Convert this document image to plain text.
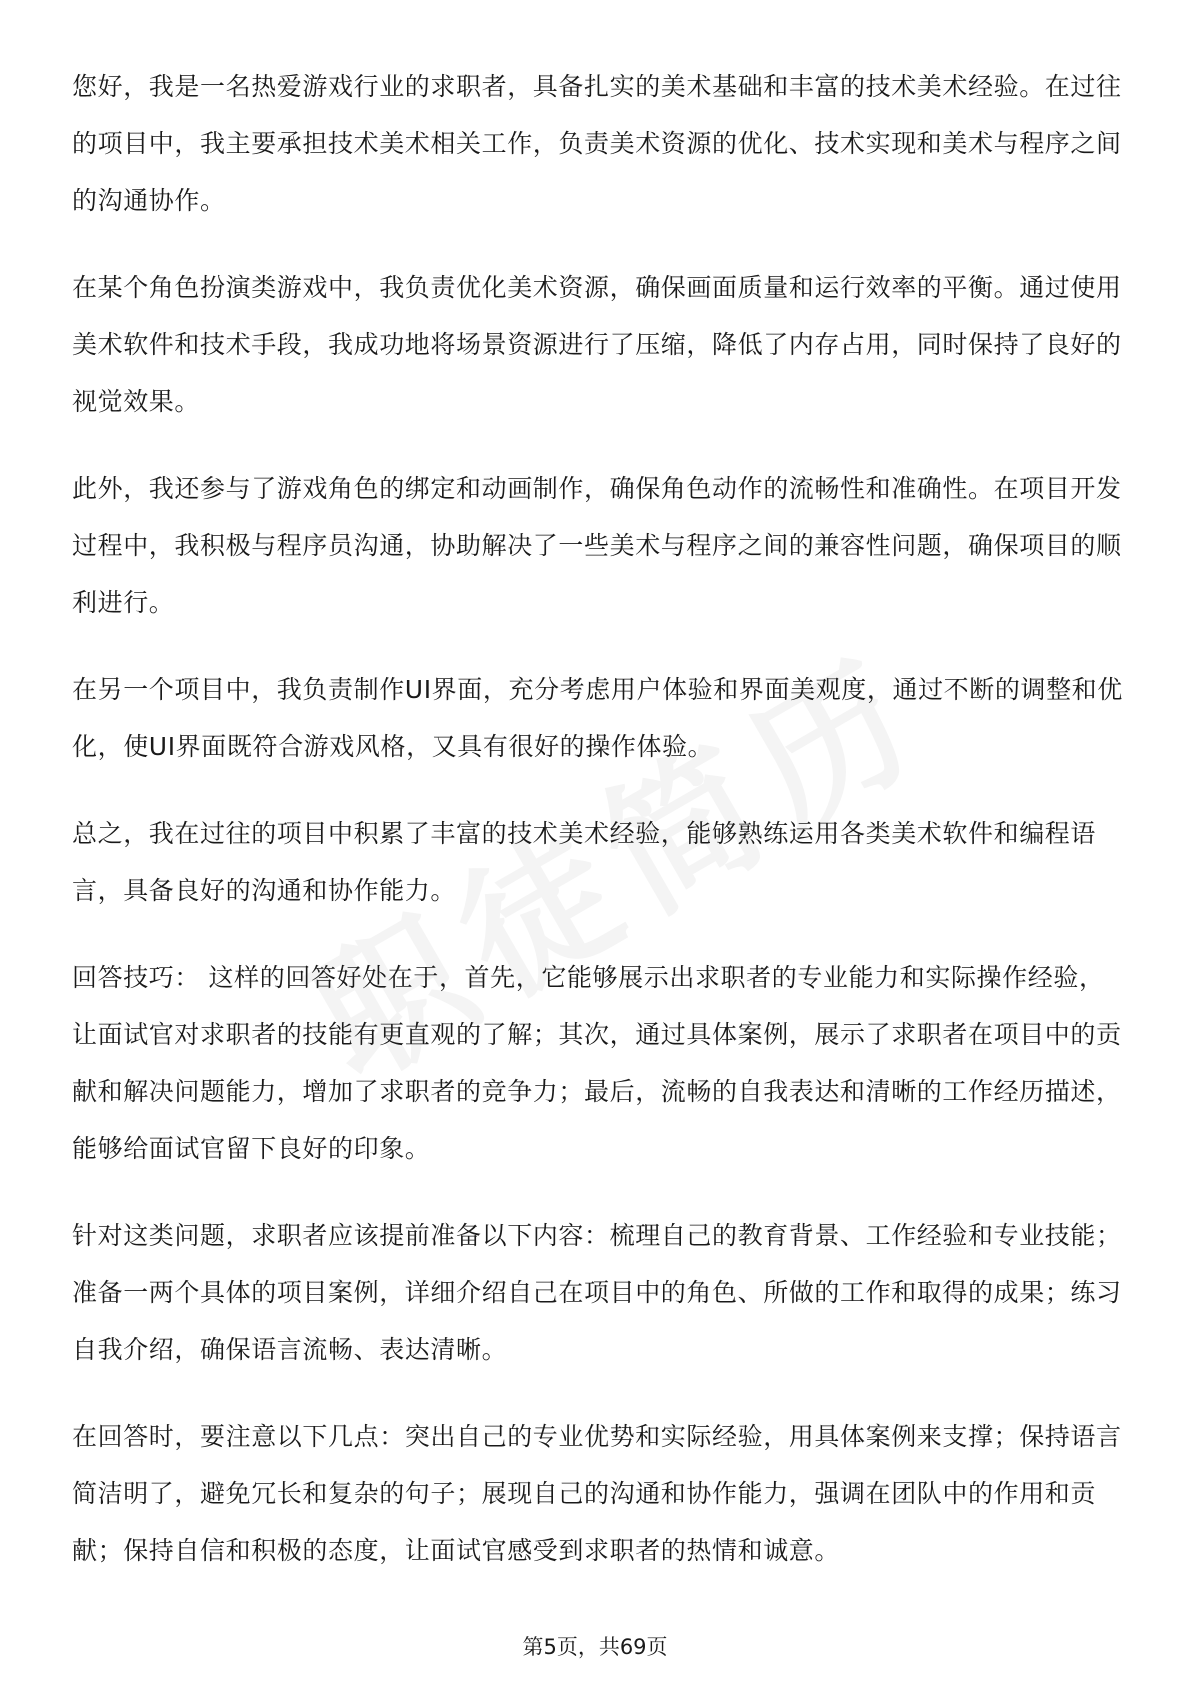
您好，我是一名热爱游戏行业的求职者，具备扎实的美术基础和丰富的技术美术经验。在过往的项目中，我主要承担技术美术相关工作，负责美术资源的优化、技术实现和美术与程序之间的沟通协作。

在某个角色扮演类游戏中，我负责优化美术资源，确保画面质量和运行效率的平衡。通过使用美术软件和技术手段，我成功地将场景资源进行了压缩，降低了内存占用，同时保持了良好的视觉效果。

此外，我还参与了游戏角色的绑定和动画制作，确保角色动作的流畅性和准确性。在项目开发过程中，我积极与程序员沟通，协助解决了一些美术与程序之间的兼容性问题，确保项目的顺利进行。

在另一个项目中，我负责制作UI界面，充分考虑用户体验和界面美观度，通过不断的调整和优化，使UI界面既符合游戏风格，又具有很好的操作体验。

总之，我在过往的项目中积累了丰富的技术美术经验，能够熟练运用各类美术软件和编程语言，具备良好的沟通和协作能力。

回答技巧： 这样的回答好处在于，首先，它能够展示出求职者的专业能力和实际操作经验，让面试官对求职者的技能有更直观的了解；其次，通过具体案例，展示了求职者在项目中的贡献和解决问题能力，增加了求职者的竞争力；最后，流畅的自我表达和清晰的工作经历描述，能够给面试官留下良好的印象。

针对这类问题，求职者应该提前准备以下内容：梳理自己的教育背景、工作经验和专业技能；准备一两个具体的项目案例，详细介绍自己在项目中的角色、所做的工作和取得的成果；练习自我介绍，确保语言流畅、表达清晰。

在回答时，要注意以下几点：突出自己的专业优势和实际经验，用具体案例来支撑；保持语言简洁明了，避免冗长和复杂的句子；展现自己的沟通和协作能力，强调在团队中的作用和贡献；保持自信和积极的态度，让面试官感受到求职者的热情和诚意。

第5页，共69页
